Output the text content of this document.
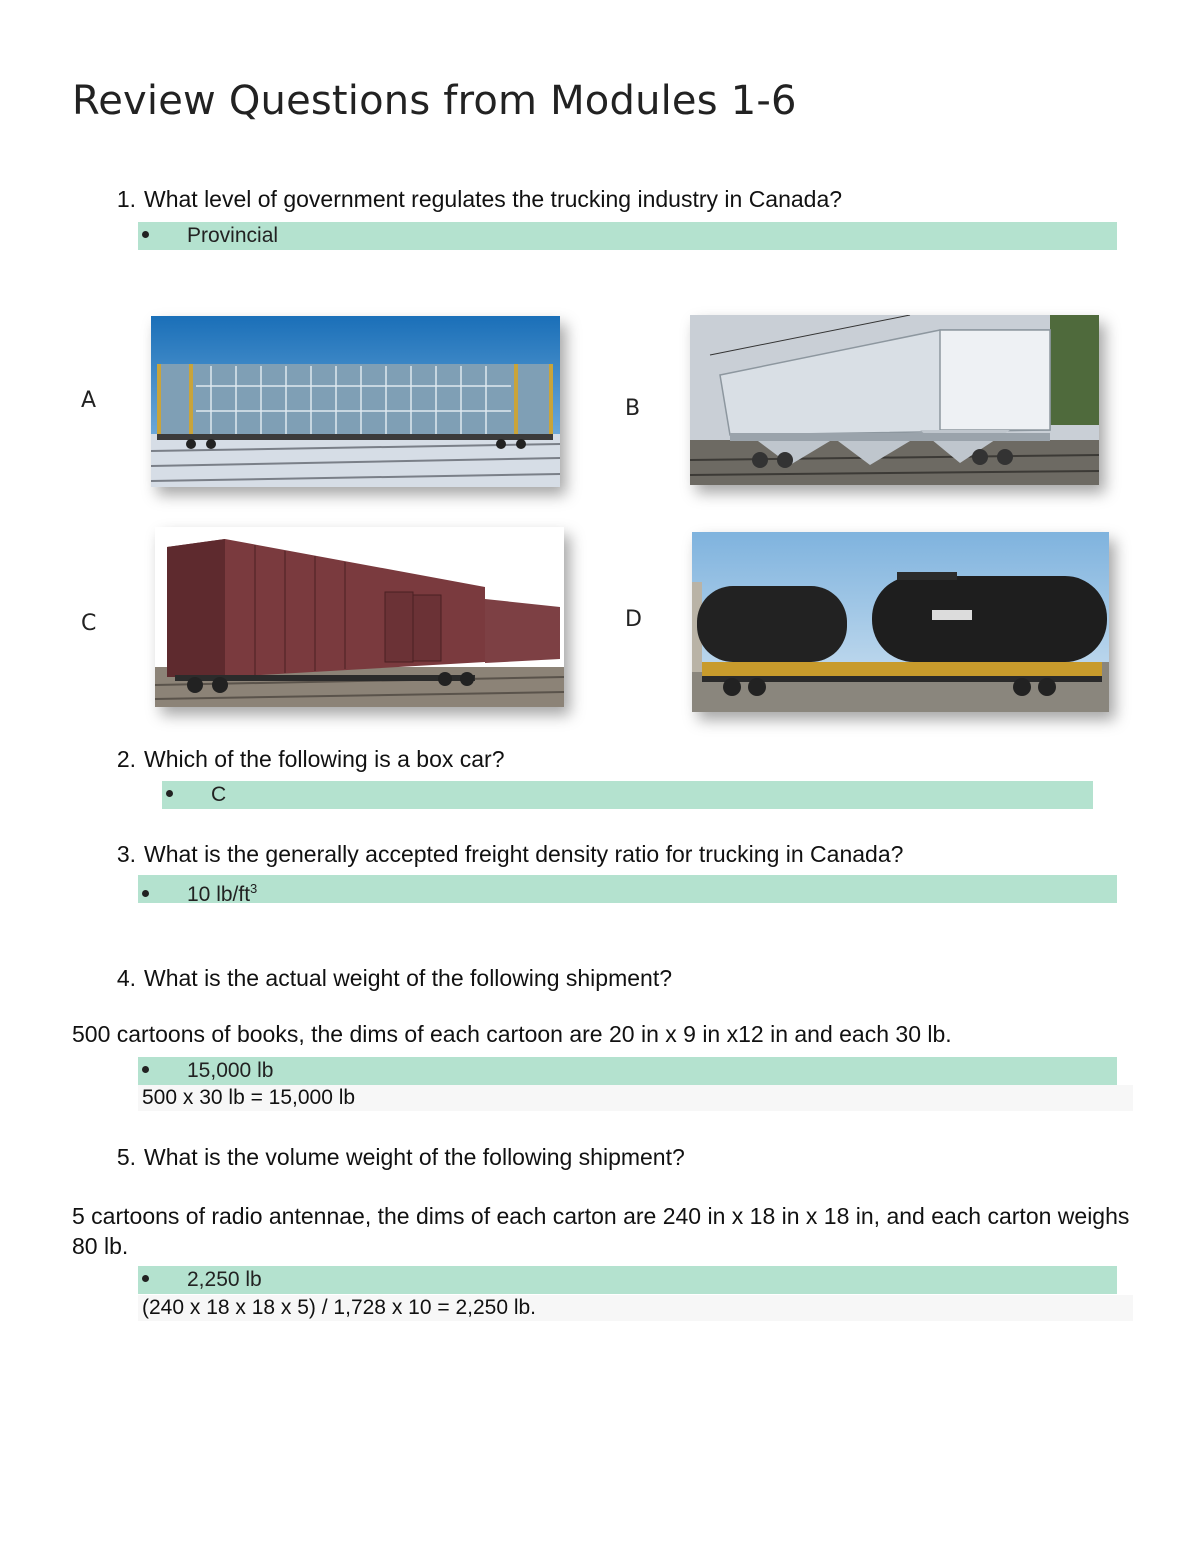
Review Questions from Modules 1-6
1. What level of government regulates the trucking industry in Canada?
Provincial
A	B
C	D
2. Which of the following is a box car?
C
3. What is the generally accepted freight density ratio for trucking in Canada?
10 $lb/ft^3$
4. What is the actual weight of the following shipment?
500 cartoons of books, the dims of each cartoon are 20 in x 9 in x12 in and each 30 lb.
15,000 lb
500 x 30 lb = 15,000 lb
5. What is the volume weight of the following shipment?
5 cartoons of radio antennae, the dims of each carton are 240 in x 18 in x 18 in, and each carton weighs 80 lb.
2,250 lb
(240 x 18 x 18 x 5) / 1,728 x 10 = 2,250 lb.
